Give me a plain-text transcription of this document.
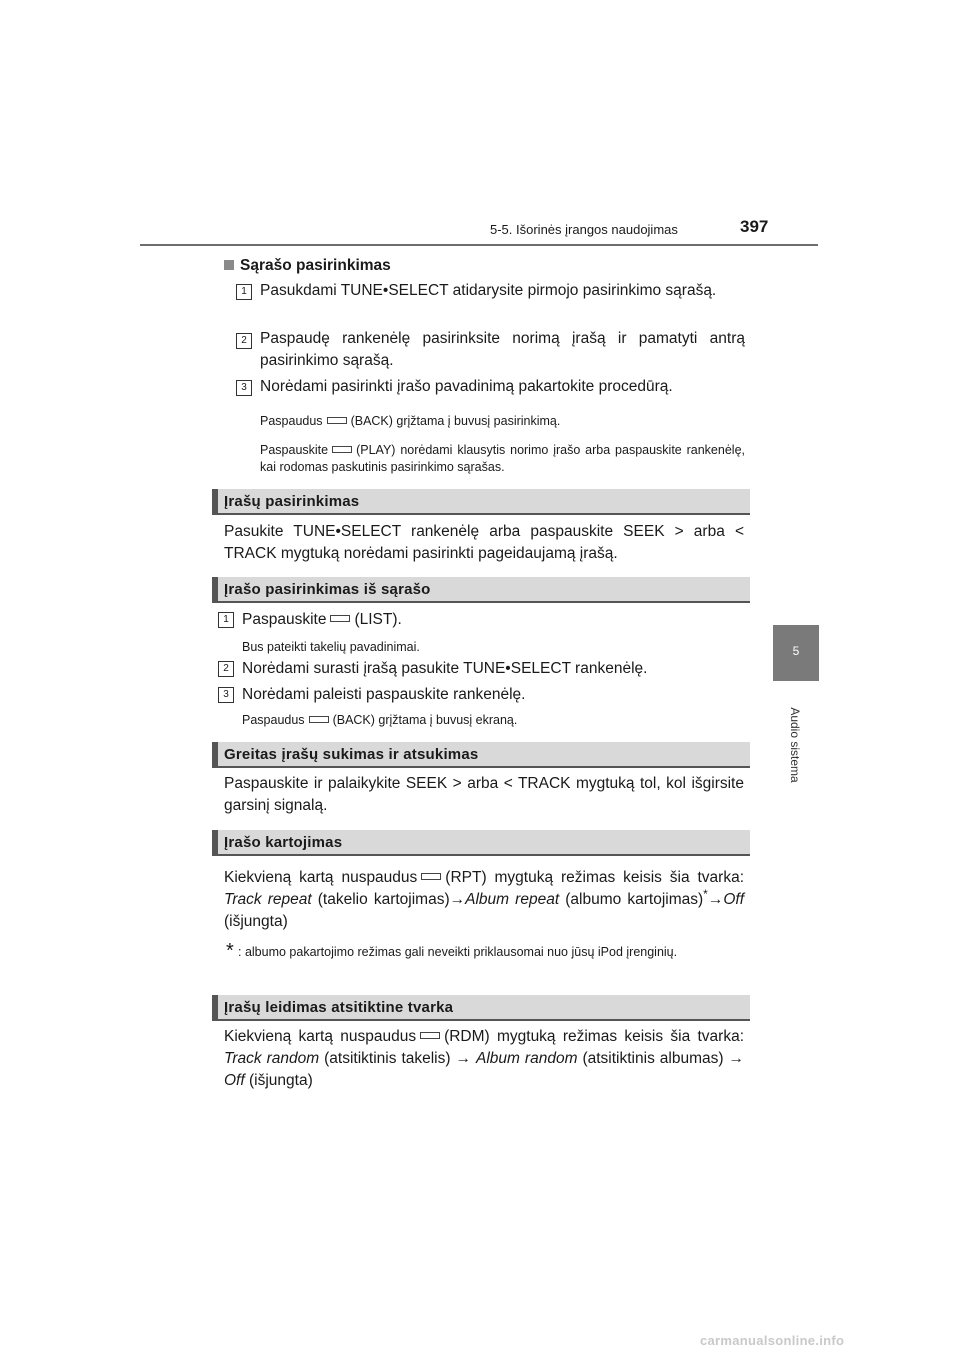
5-5. Išorinės įrangos naudojimas	397
5
Audio sistema
Sąrašo pasirinkimas
1 Pasukdami TUNE•SELECT atidarysite pirmojo pasirinkimo sąrašą.
2 Paspaudę rankenėlę pasirinksite norimą įrašą ir pamatyti antrą pasirinkimo sąrašą.
3 Norėdami pasirinkti įrašo pavadinimą pakartokite procedūrą.
Paspaudus (BACK) grįžtama į buvusį pasirinkimą.
Paspauskite (PLAY) norėdami klausytis norimo įrašo arba paspauskite rankenėlę, kai rodomas paskutinis pasirinkimo sąrašas.
Įrašų pasirinkimas
Pasukite TUNE•SELECT rankenėlę arba paspauskite SEEK > arba < TRACK mygtuką norėdami pasirinkti pageidaujamą įrašą.
Įrašo pasirinkimas iš sąrašo
1 Paspauskite (LIST).
Bus pateikti takelių pavadinimai.
2 Norėdami surasti įrašą pasukite TUNE•SELECT rankenėlę.
3 Norėdami paleisti paspauskite rankenėlę.
Paspaudus (BACK) grįžtama į buvusį ekraną.
Greitas įrašų sukimas ir atsukimas
Paspauskite ir palaikykite SEEK > arba < TRACK mygtuką tol, kol išgirsite garsinį signalą.
Įrašo kartojimas
Kiekvieną kartą nuspaudus (RPT) mygtuką režimas keisis šia tvarka: Track repeat (takelio kartojimas)→Album repeat (albumo kartojimas)*→Off (išjungta)
* : albumo pakartojimo režimas gali neveikti priklausomai nuo jūsų iPod įrenginių.
Įrašų leidimas atsitiktine tvarka
Kiekvieną kartą nuspaudus (RDM) mygtuką režimas keisis šia tvarka: Track random (atsitiktinis takelis) → Album random (atsitiktinis albumas) → Off (išjungta)
carmanualsonline.info
